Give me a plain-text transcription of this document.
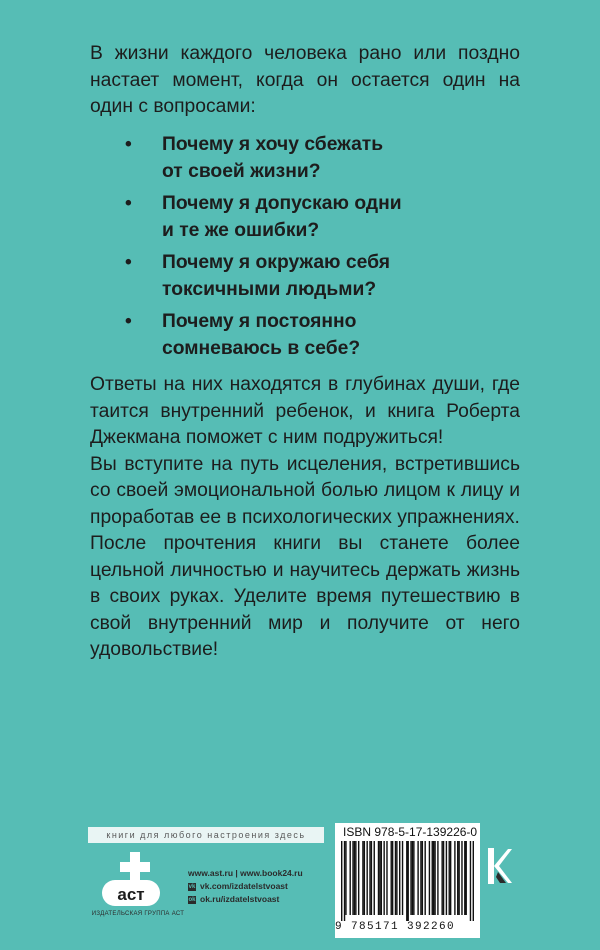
В жизни каждого человека рано или поздно настает момент, когда он остается один на один с вопросами:

• Почему я хочу сбежать
от своей жизни?
• Почему я допускаю одни
и те же ошибки?
• Почему я окружаю себя
токсичными людьми?
• Почему я постоянно
сомневаюсь в себе?

Ответы на них находятся в глубинах души, где таится внутренний ребенок, и книга Роберта Джекмана поможет с ним подружиться!

Вы вступите на путь исцеления, встретившись со своей эмоциональной болью лицом к лицу и проработав ее в психологических упражнениях.

После прочтения книги вы станете более цельной личностью и научитесь держать жизнь в своих руках. Уделите время путешествию в свой внутренний мир и получите от него удовольствие!

книги для любого настроения здесь
аст
ИЗДАТЕЛЬСКАЯ ГРУППА АСТ
www.ast.ru | www.book24.ru
vk vk.com/izdatelstvoast
ok ok.ru/izdatelstvoast
ISBN 978-5-17-139226-0
9 785171 392260
